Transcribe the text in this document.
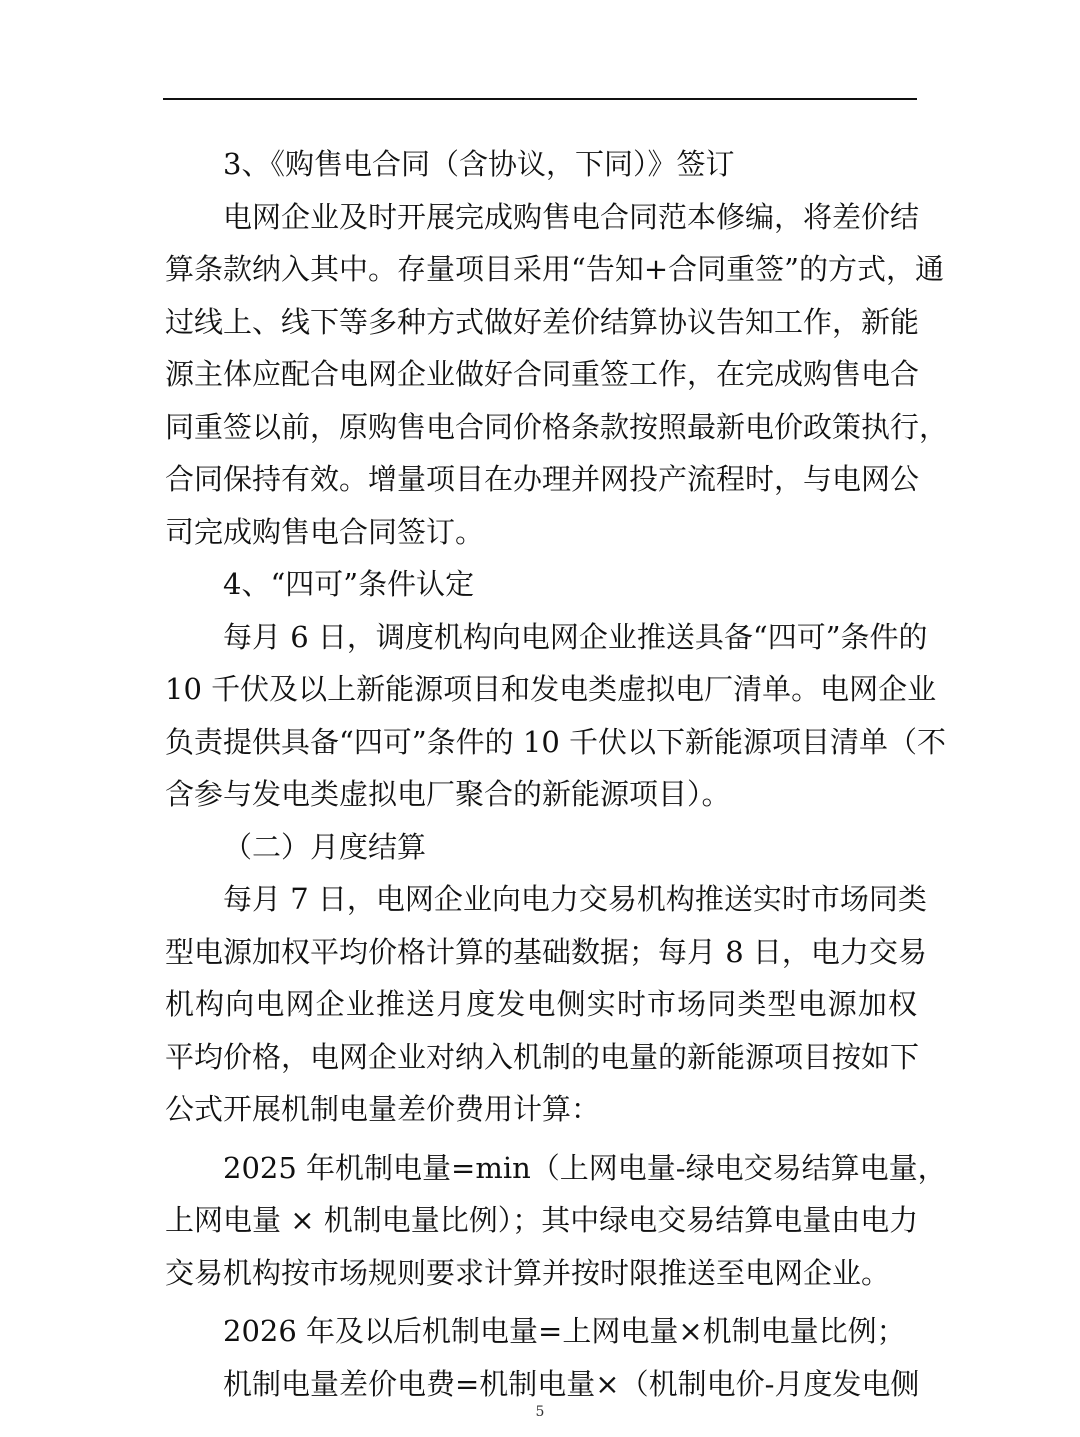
3、《购售电合同（含协议，下同）》签订
电网企业及时开展完成购售电合同范本修编，将差价结
算条款纳入其中。存量项目采用“告知+合同重签”的方式，通
过线上、线下等多种方式做好差价结算协议告知工作，新能
源主体应配合电网企业做好合同重签工作，在完成购售电合
同重签以前，原购售电合同价格条款按照最新电价政策执行，
合同保持有效。增量项目在办理并网投产流程时，与电网公
司完成购售电合同签订。
4、“四可”条件认定
每月 6 日，调度机构向电网企业推送具备“四可”条件的
10 千伏及以上新能源项目和发电类虚拟电厂清单。电网企业
负责提供具备“四可”条件的 10 千伏以下新能源项目清单（不
含参与发电类虚拟电厂聚合的新能源项目）。
（二）月度结算
每月 7 日，电网企业向电力交易机构推送实时市场同类
型电源加权平均价格计算的基础数据；每月 8 日，电力交易
机构向电网企业推送月度发电侧实时市场同类型电源加权
平均价格，电网企业对纳入机制的电量的新能源项目按如下
公式开展机制电量差价费用计算：
2025 年机制电量=min（上网电量-绿电交易结算电量，
上网电量 × 机制电量比例）；其中绿电交易结算电量由电力
交易机构按市场规则要求计算并按时限推送至电网企业。
2026 年及以后机制电量=上网电量×机制电量比例；
机制电量差价电费=机制电量×（机制电价-月度发电侧
5
